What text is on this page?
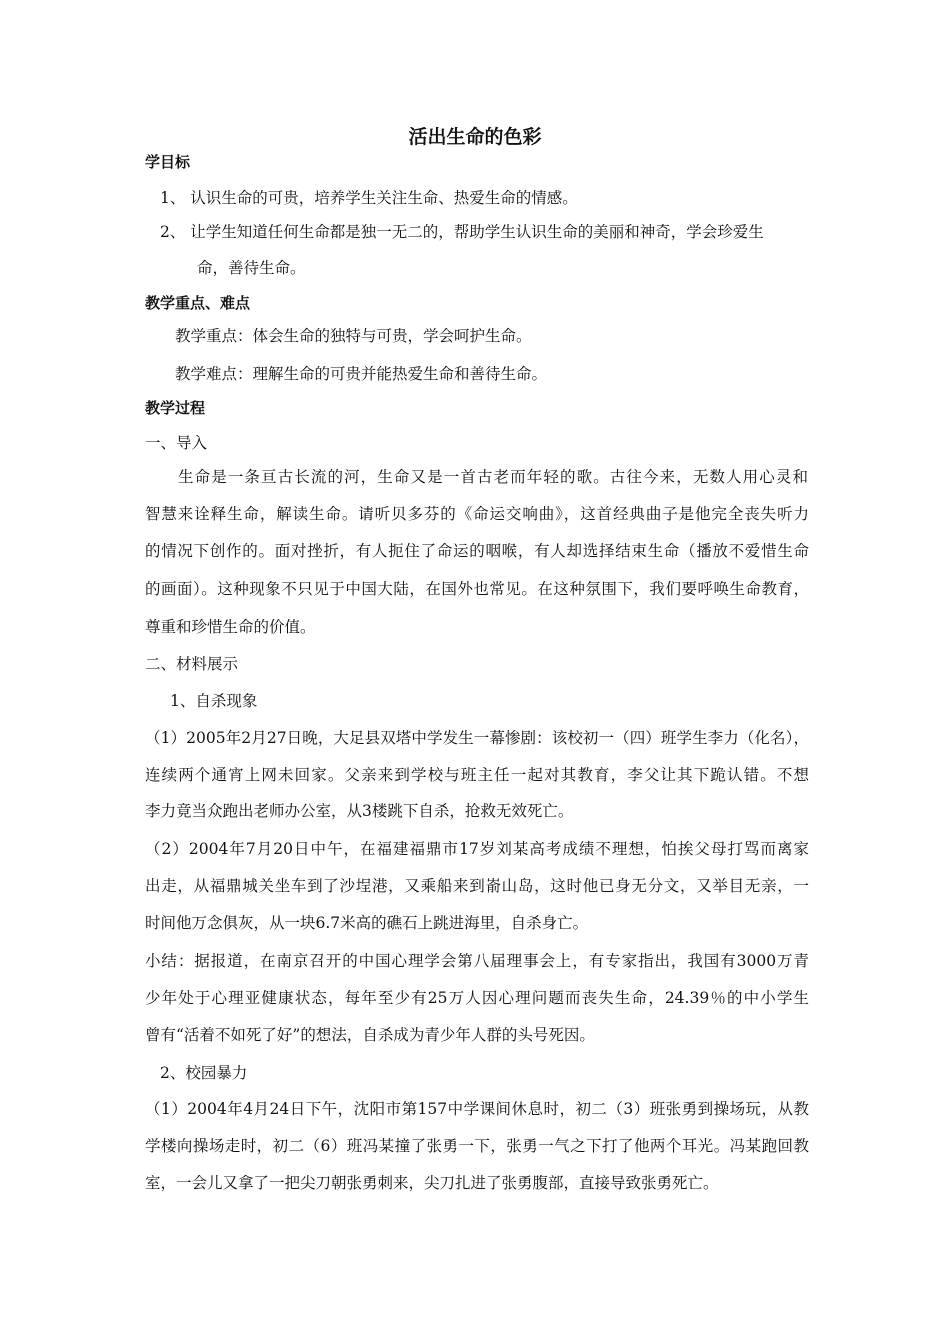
活出生命的色彩
学目标
1、 认识生命的可贵，培养学生关注生命、热爱生命的情感。
2、 让学生知道任何生命都是独一无二的，帮助学生认识生命的美丽和神奇，学会珍爱生
命，善待生命。
教学重点、难点
教学重点：体会生命的独特与可贵，学会呵护生命。
教学难点：理解生命的可贵并能热爱生命和善待生命。
教学过程
一、导入
生命是一条亘古长流的河，生命又是一首古老而年轻的歌。古往今来，无数人用心灵和
智慧来诠释生命，解读生命。请听贝多芬的《命运交响曲》，这首经典曲子是他完全丧失听力
的情况下创作的。面对挫折，有人扼住了命运的咽喉，有人却选择结束生命（播放不爱惜生命
的画面）。这种现象不只见于中国大陆，在国外也常见。在这种氛围下，我们要呼唤生命教育，
尊重和珍惜生命的价值。
二、材料展示
1、自杀现象
（1）2005年2月27日晚，大足县双塔中学发生一幕惨剧：该校初一（四）班学生李力（化名），
连续两个通宵上网未回家。父亲来到学校与班主任一起对其教育，李父让其下跪认错。不想
李力竟当众跑出老师办公室，从3楼跳下自杀，抢救无效死亡。
（2）2004年7月20日中午，在福建福鼎市17岁刘某高考成绩不理想，怕挨父母打骂而离家
出走，从福鼎城关坐车到了沙埕港，又乘船来到嵛山岛，这时他已身无分文，又举目无亲，一
时间他万念俱灰，从一块6.7米高的礁石上跳进海里，自杀身亡。
小结：据报道，在南京召开的中国心理学会第八届理事会上，有专家指出，我国有3000万青
少年处于心理亚健康状态，每年至少有25万人因心理问题而丧失生命，24.39％的中小学生
曾有“活着不如死了好”的想法，自杀成为青少年人群的头号死因。
2、校园暴力
（1）2004年4月24日下午，沈阳市第157中学课间休息时，初二（3）班张勇到操场玩，从教
学楼向操场走时，初二（6）班冯某撞了张勇一下，张勇一气之下打了他两个耳光。冯某跑回教
室，一会儿又拿了一把尖刀朝张勇刺来，尖刀扎进了张勇腹部，直接导致张勇死亡。
